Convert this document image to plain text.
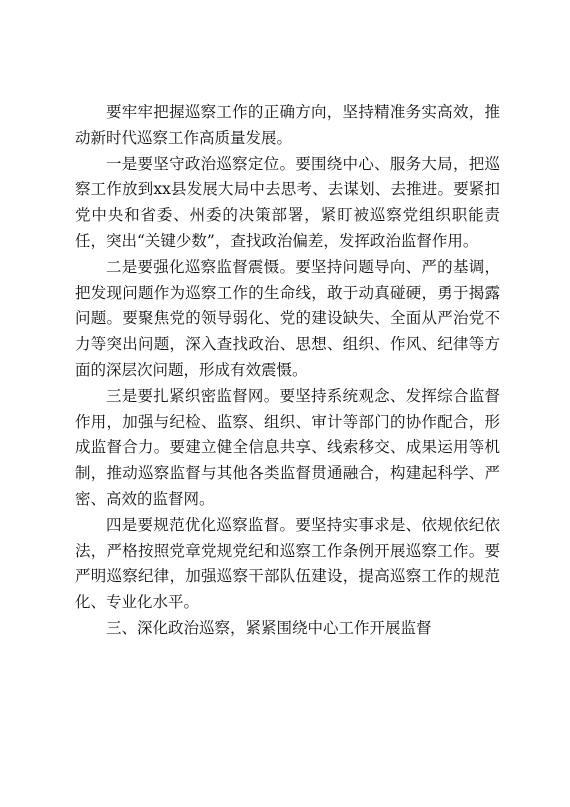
要牢牢把握巡察工作的正确方向，坚持精准务实高效，推动新时代巡察工作高质量发展。

一是要坚守政治巡察定位。要围绕中心、服务大局，把巡察工作放到xx县发展大局中去思考、去谋划、去推进。要紧扣党中央和省委、州委的决策部署，紧盯被巡察党组织职能责任，突出“关键少数”，查找政治偏差，发挥政治监督作用。

二是要强化巡察监督震慑。要坚持问题导向、严的基调，把发现问题作为巡察工作的生命线，敢于动真碰硬，勇于揭露问题。要聚焦党的领导弱化、党的建设缺失、全面从严治党不力等突出问题，深入查找政治、思想、组织、作风、纪律等方面的深层次问题，形成有效震慑。

三是要扎紧织密监督网。要坚持系统观念、发挥综合监督作用，加强与纪检、监察、组织、审计等部门的协作配合，形成监督合力。要建立健全信息共享、线索移交、成果运用等机制，推动巡察监督与其他各类监督贯通融合，构建起科学、严密、高效的监督网。

四是要规范优化巡察监督。要坚持实事求是、依规依纪依法，严格按照党章党规党纪和巡察工作条例开展巡察工作。要严明巡察纪律，加强巡察干部队伍建设，提高巡察工作的规范化、专业化水平。

三、深化政治巡察，紧紧围绕中心工作开展监督
